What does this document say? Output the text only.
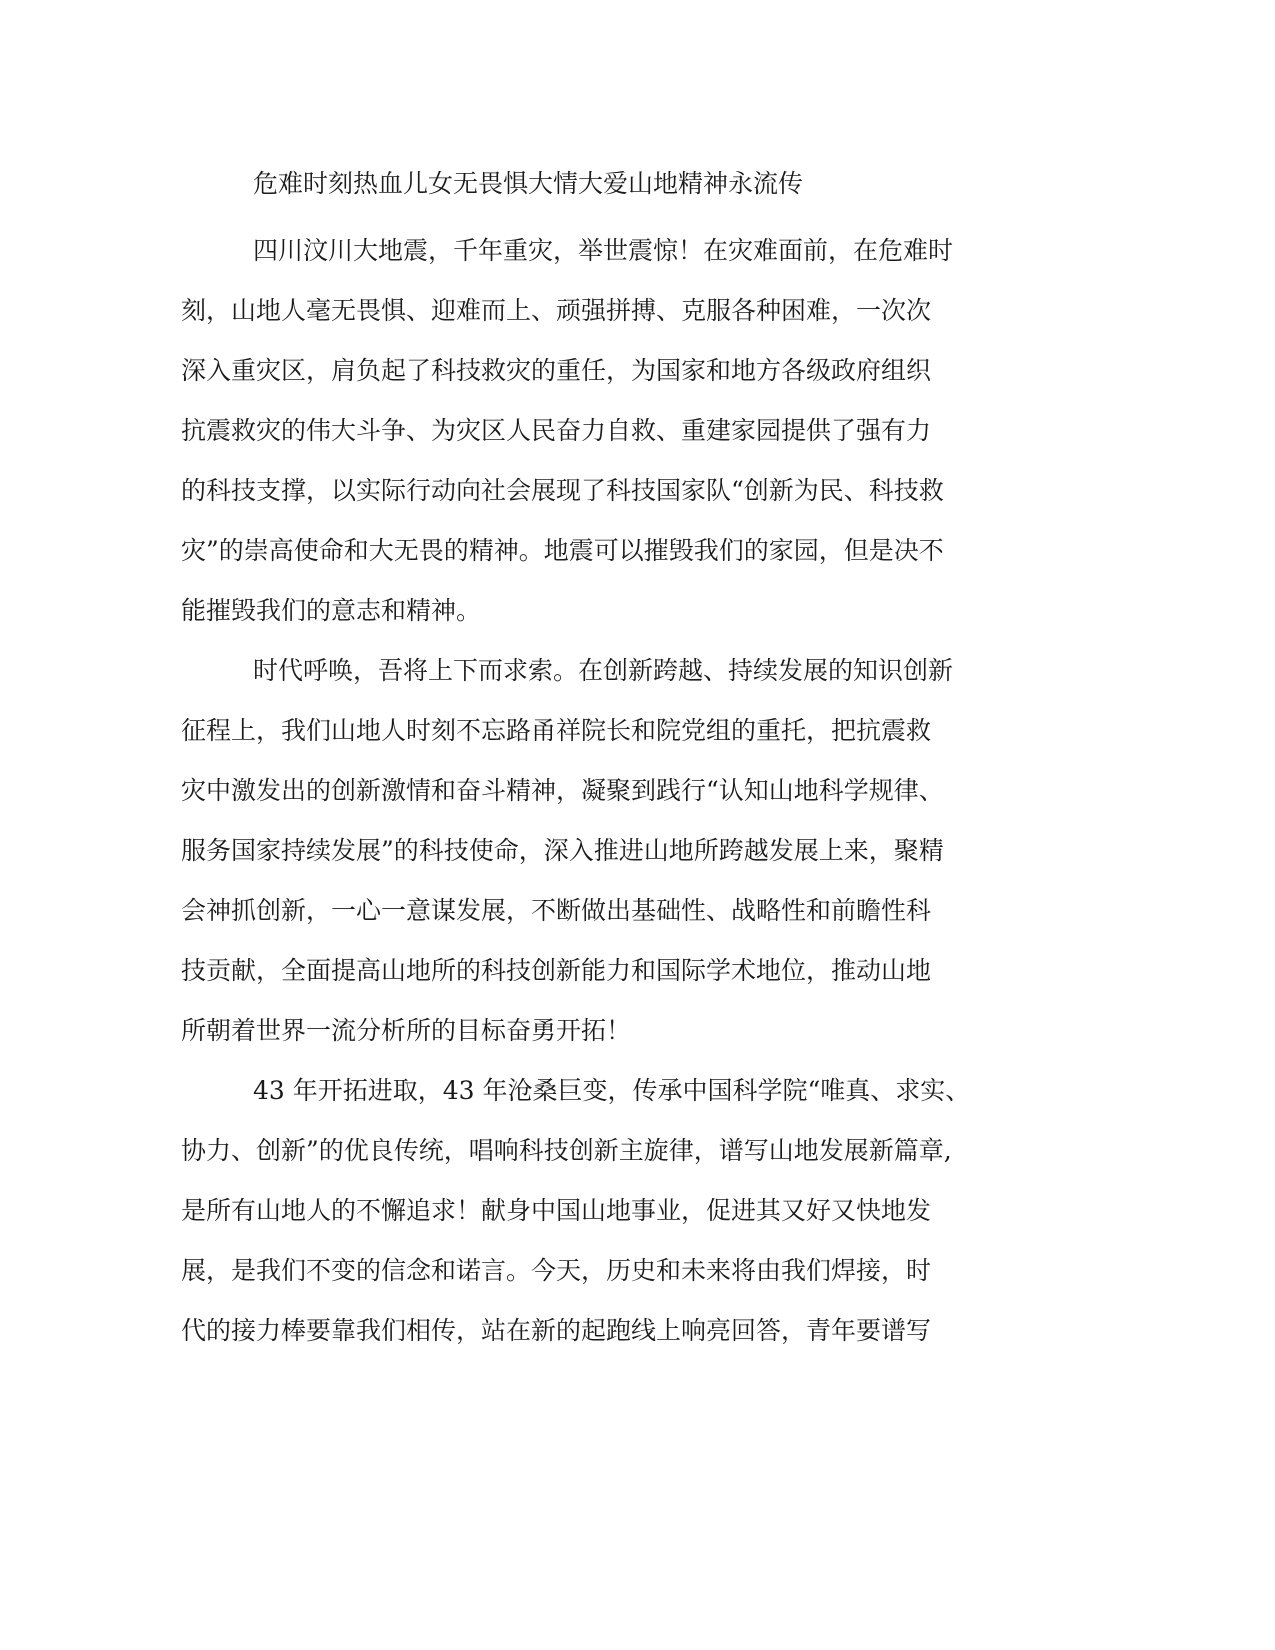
危难时刻热血儿女无畏惧大情大爱山地精神永流传

四川汶川大地震，千年重灾，举世震惊！在灾难面前，在危难时
刻，山地人毫无畏惧、迎难而上、顽强拼搏、克服各种困难，一次次
深入重灾区，肩负起了科技救灾的重任，为国家和地方各级政府组织
抗震救灾的伟大斗争、为灾区人民奋力自救、重建家园提供了强有力
的科技支撑，以实际行动向社会展现了科技国家队“创新为民、科技救
灾”的崇高使命和大无畏的精神。地震可以摧毁我们的家园，但是决不
能摧毁我们的意志和精神。

时代呼唤，吾将上下而求索。在创新跨越、持续发展的知识创新
征程上，我们山地人时刻不忘路甬祥院长和院党组的重托，把抗震救
灾中激发出的创新激情和奋斗精神，凝聚到践行“认知山地科学规律、
服务国家持续发展”的科技使命，深入推进山地所跨越发展上来，聚精
会神抓创新，一心一意谋发展，不断做出基础性、战略性和前瞻性科
技贡献，全面提高山地所的科技创新能力和国际学术地位，推动山地
所朝着世界一流分析所的目标奋勇开拓！

43 年开拓进取，43 年沧桑巨变，传承中国科学院“唯真、求实、
协力、创新”的优良传统，唱响科技创新主旋律，谱写山地发展新篇章,
是所有山地人的不懈追求！献身中国山地事业，促进其又好又快地发
展，是我们不变的信念和诺言。今天，历史和未来将由我们焊接，时
代的接力棒要靠我们相传，站在新的起跑线上响亮回答，青年要谱写
